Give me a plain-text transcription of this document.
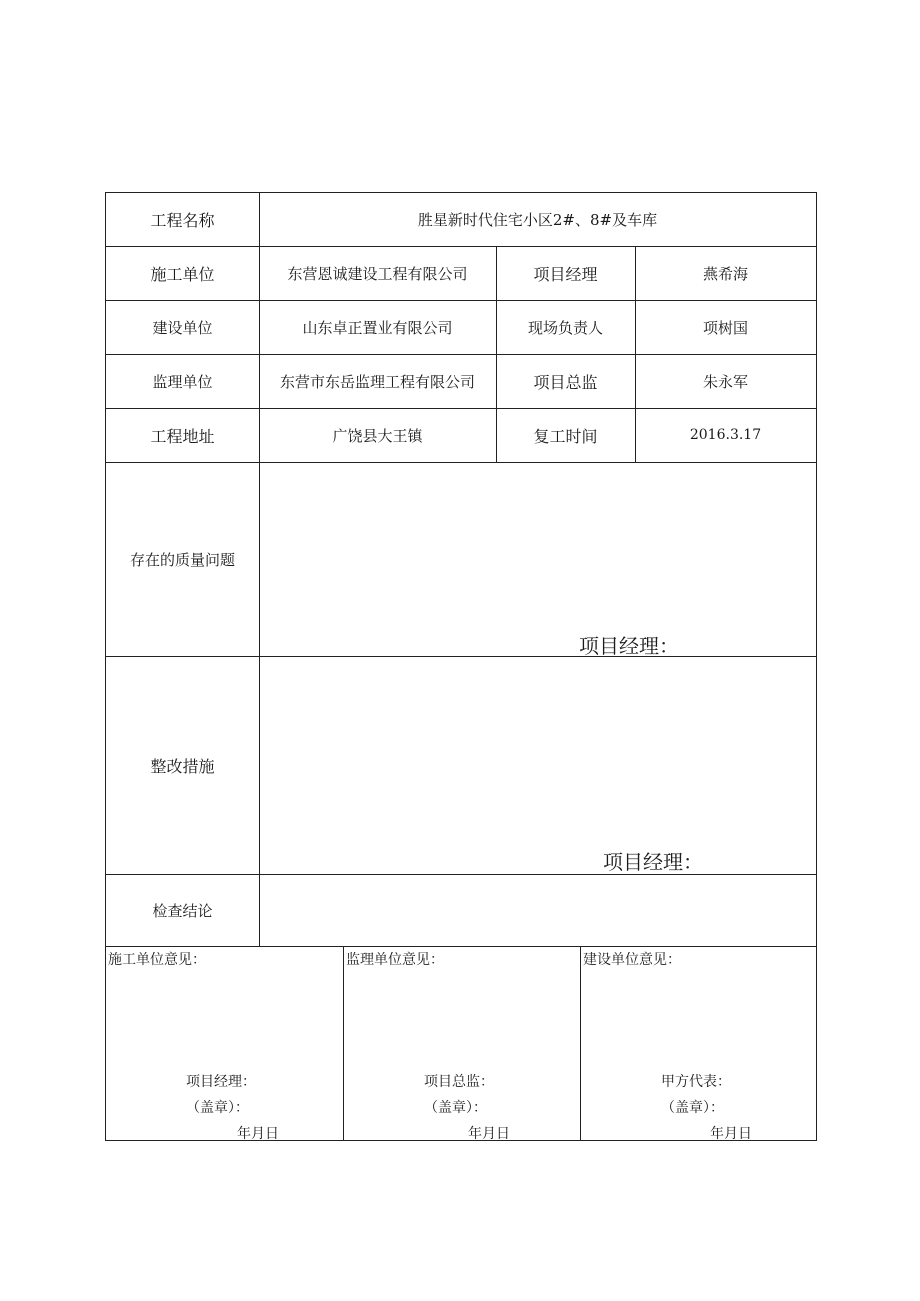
工程名称	胜星新时代住宅小区2#、8#及车库
施工单位	东营恩诚建设工程有限公司	项目经理	燕希海
建设单位	山东卓正置业有限公司	现场负责人	项树国
监理单位	东营市东岳监理工程有限公司	项目总监	朱永军
工程地址	广饶县大王镇	复工时间	2016.3.17
存在的质量问题
项目经理：
整改措施
项目经理：
检查结论
施工单位意见：
项目经理：
（盖章）：
年月日
监理单位意见：
项目总监：
（盖章）：
年月日
建设单位意见：
甲方代表：
（盖章）：
年月日
